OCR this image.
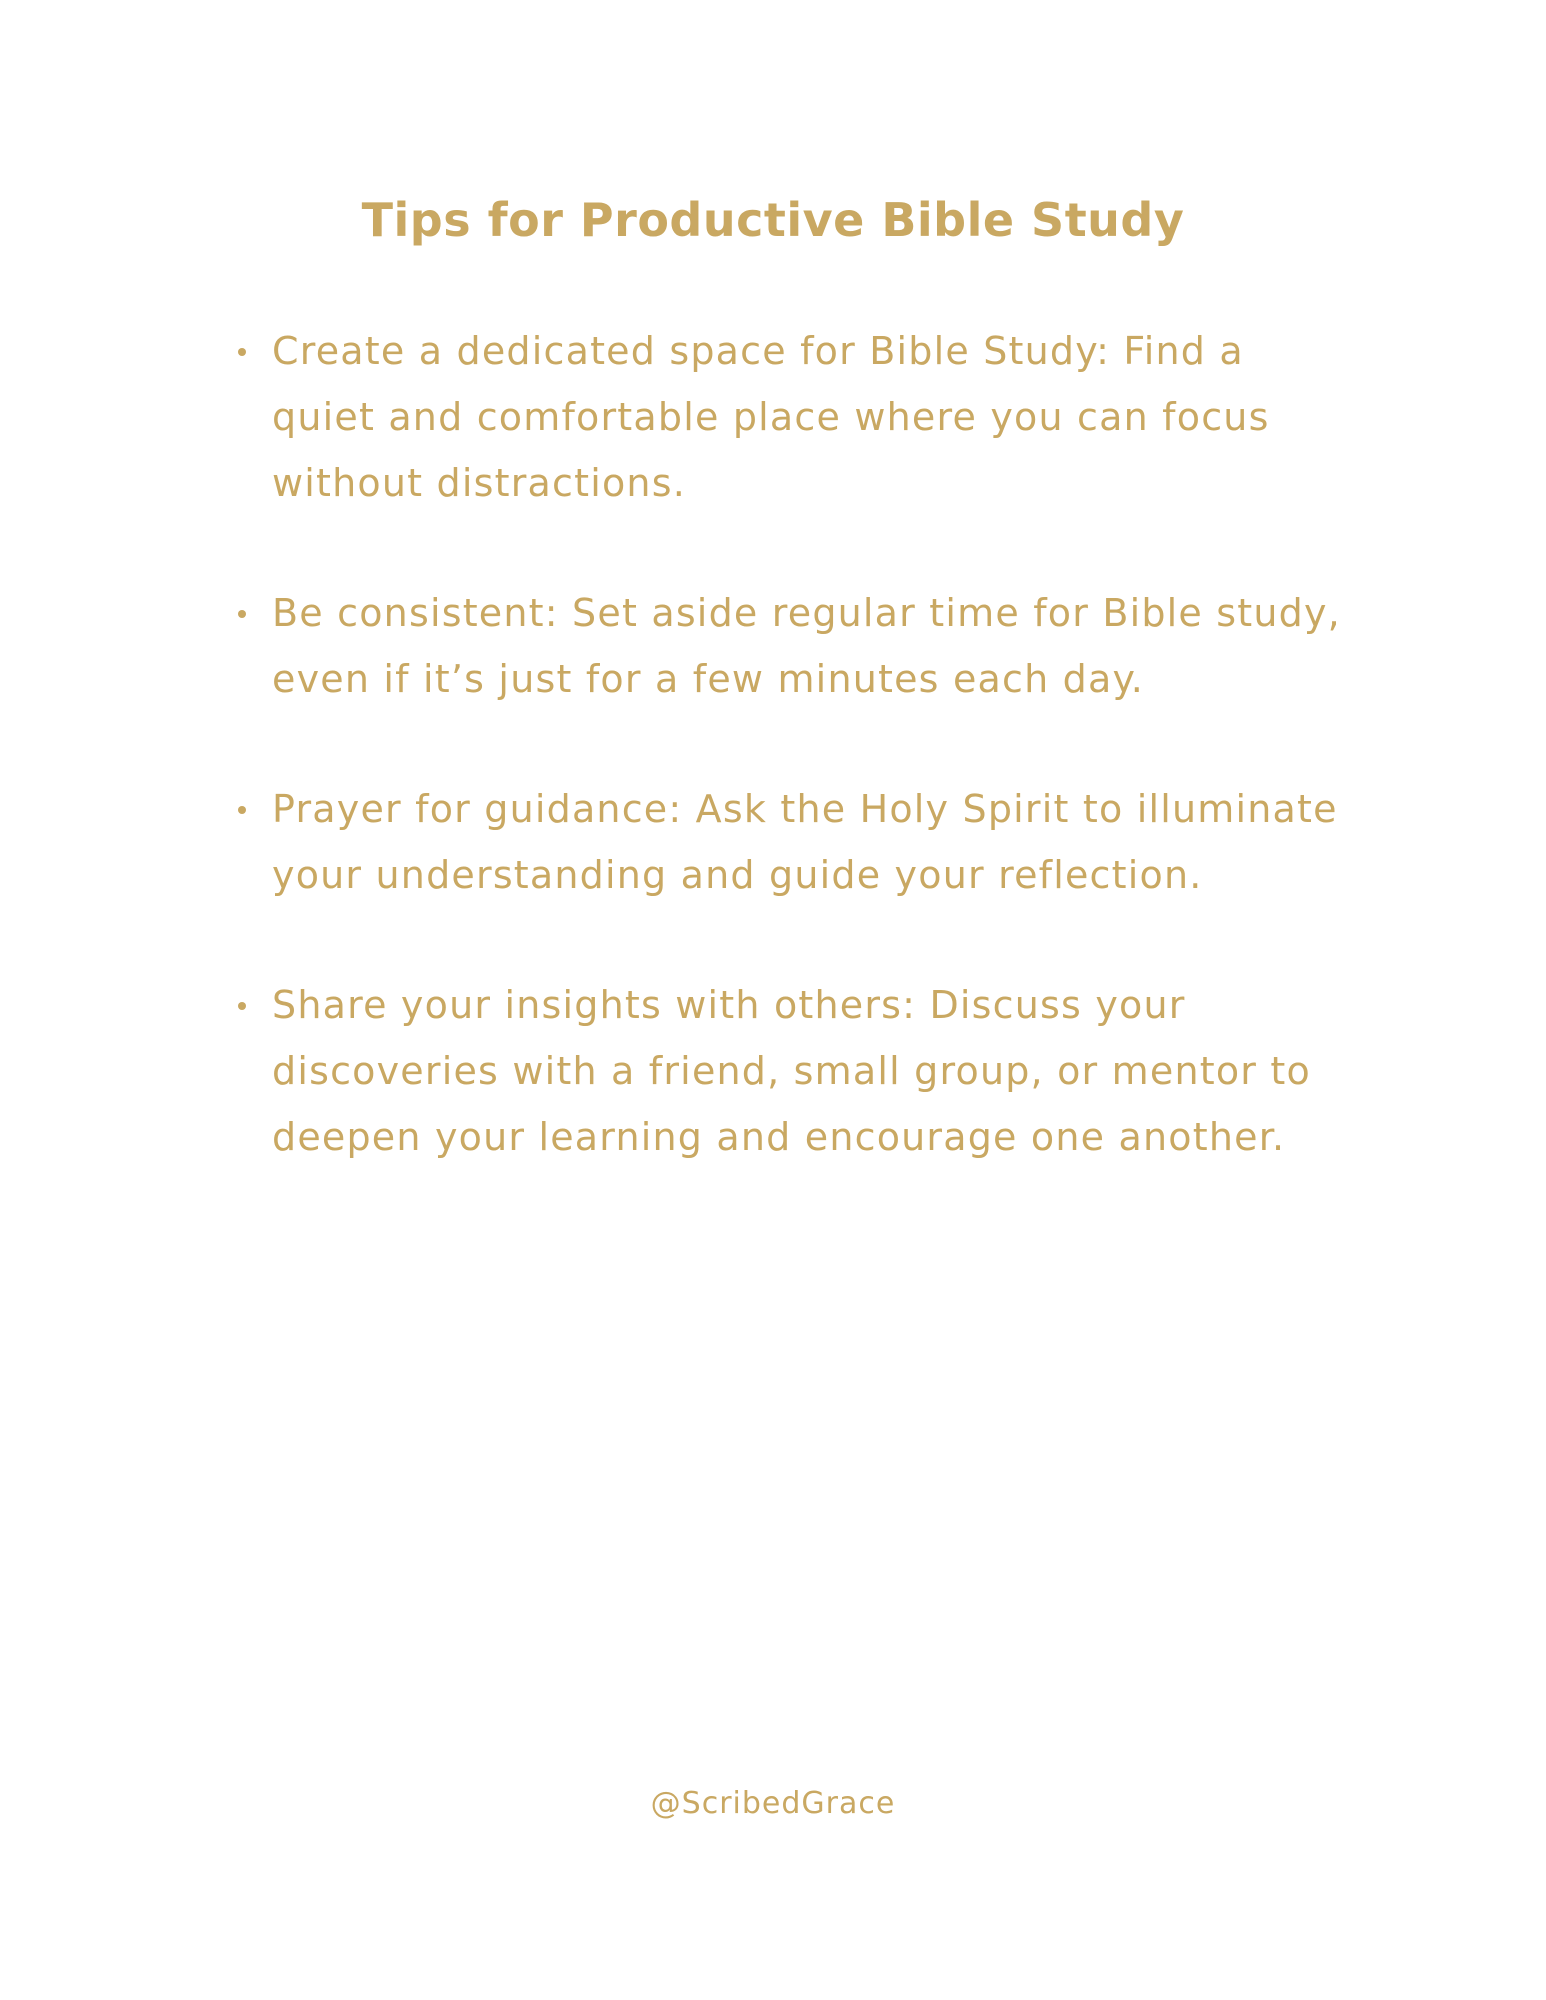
Tips for Productive Bible Study
Create a dedicated space for Bible Study: Find a quiet and comfortable place where you can focus without distractions.
Be consistent: Set aside regular time for Bible study, even if it’s just for a few minutes each day.
Prayer for guidance: Ask the Holy Spirit to illuminate your understanding and guide your reflection.
Share your insights with others: Discuss your discoveries with a friend, small group, or mentor to deepen your learning and encourage one another.
@ScribedGrace
